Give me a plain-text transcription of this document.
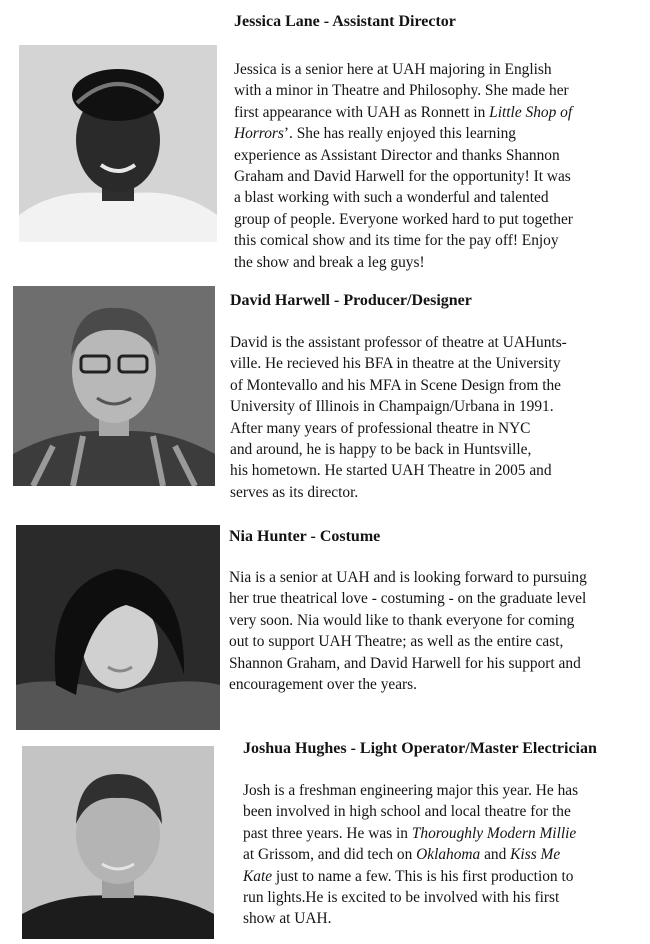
Jessica Lane - Assistant Director

Jessica is a senior here at UAH majoring in English
with a minor in Theatre and Philosophy. She made her
first appearance with UAH as Ronnett in Little Shop of
Horrors’. She has really enjoyed this learning
experience as Assistant Director and thanks Shannon
Graham and David Harwell for the opportunity! It was
a blast working with such a wonderful and talented
group of people. Everyone worked hard to put together
this comical show and its time for the pay off! Enjoy
the show and break a leg guys!

David Harwell - Producer/Designer

David is the assistant professor of theatre at UAHunts-
ville. He recieved his BFA in theatre at the University
of Montevallo and his MFA in Scene Design from the
University of Illinois in Champaign/Urbana in 1991.
After many years of professional theatre in NYC
and around, he is happy to be back in Huntsville,
his hometown. He started UAH Theatre in 2005 and
serves as its director.

Nia Hunter - Costume

Nia is a senior at UAH and is looking forward to pursuing
her true theatrical love - costuming - on the graduate level
very soon. Nia would like to thank everyone for coming
out to support UAH Theatre; as well as the entire cast,
Shannon Graham, and David Harwell for his support and
encouragement over the years.

Joshua Hughes - Light Operator/Master Electrician

Josh is a freshman engineering major this year. He has
been involved in high school and local theatre for the
past three years. He was in Thoroughly Modern Millie
at Grissom, and did tech on Oklahoma and Kiss Me
Kate just to name a few. This is his first production to
run lights.He is excited to be involved with his first
show at UAH.
